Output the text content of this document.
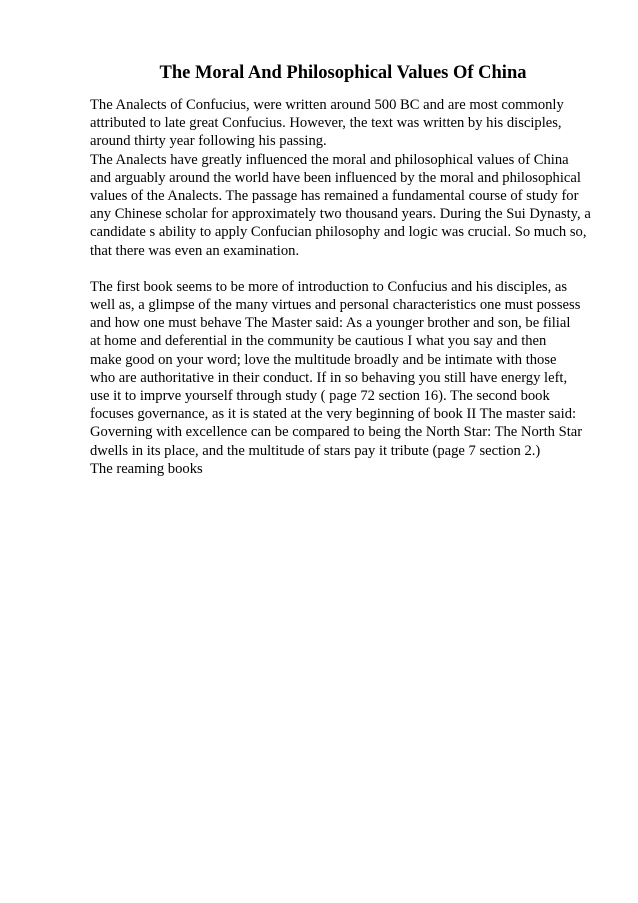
The Moral And Philosophical Values Of China
The Analects of Confucius, were written around 500 BC and are most commonly
attributed to late great Confucius. However, the text was written by his disciples,
around thirty year following his passing.
The Analects have greatly influenced the moral and philosophical values of China
and arguably around the world have been influenced by the moral and philosophical
values of the Analects. The passage has remained a fundamental course of study for
any Chinese scholar for approximately two thousand years. During the Sui Dynasty, a
candidate s ability to apply Confucian philosophy and logic was crucial. So much so,
that there was even an examination.
The first book seems to be more of introduction to Confucius and his disciples, as
well as, a glimpse of the many virtues and personal characteristics one must possess
and how one must behave The Master said: As a younger brother and son, be filial
at home and deferential in the community be cautious I what you say and then
make good on your word; love the multitude broadly and be intimate with those
who are authoritative in their conduct. If in so behaving you still have energy left,
use it to imprve yourself through study ( page 72 section 16). The second book
focuses governance, as it is stated at the very beginning of book II The master said:
Governing with excellence can be compared to being the North Star: The North Star
dwells in its place, and the multitude of stars pay it tribute (page 7 section 2.)
The reaming books
